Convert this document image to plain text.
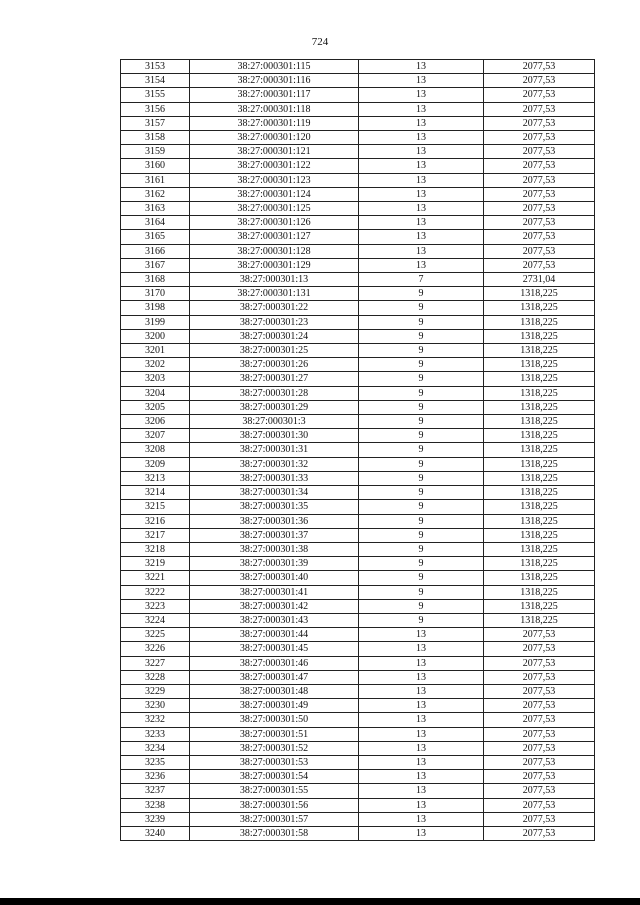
724
3153	38:27:000301:115	13	2077,53
3154	38:27:000301:116	13	2077,53
3155	38:27:000301:117	13	2077,53
3156	38:27:000301:118	13	2077,53
3157	38:27:000301:119	13	2077,53
3158	38:27:000301:120	13	2077,53
3159	38:27:000301:121	13	2077,53
3160	38:27:000301:122	13	2077,53
3161	38:27:000301:123	13	2077,53
3162	38:27:000301:124	13	2077,53
3163	38:27:000301:125	13	2077,53
3164	38:27:000301:126	13	2077,53
3165	38:27:000301:127	13	2077,53
3166	38:27:000301:128	13	2077,53
3167	38:27:000301:129	13	2077,53
3168	38:27:000301:13	7	2731,04
3170	38:27:000301:131	9	1318,225
3198	38:27:000301:22	9	1318,225
3199	38:27:000301:23	9	1318,225
3200	38:27:000301:24	9	1318,225
3201	38:27:000301:25	9	1318,225
3202	38:27:000301:26	9	1318,225
3203	38:27:000301:27	9	1318,225
3204	38:27:000301:28	9	1318,225
3205	38:27:000301:29	9	1318,225
3206	38:27:000301:3	9	1318,225
3207	38:27:000301:30	9	1318,225
3208	38:27:000301:31	9	1318,225
3209	38:27:000301:32	9	1318,225
3213	38:27:000301:33	9	1318,225
3214	38:27:000301:34	9	1318,225
3215	38:27:000301:35	9	1318,225
3216	38:27:000301:36	9	1318,225
3217	38:27:000301:37	9	1318,225
3218	38:27:000301:38	9	1318,225
3219	38:27:000301:39	9	1318,225
3221	38:27:000301:40	9	1318,225
3222	38:27:000301:41	9	1318,225
3223	38:27:000301:42	9	1318,225
3224	38:27:000301:43	9	1318,225
3225	38:27:000301:44	13	2077,53
3226	38:27:000301:45	13	2077,53
3227	38:27:000301:46	13	2077,53
3228	38:27:000301:47	13	2077,53
3229	38:27:000301:48	13	2077,53
3230	38:27:000301:49	13	2077,53
3232	38:27:000301:50	13	2077,53
3233	38:27:000301:51	13	2077,53
3234	38:27:000301:52	13	2077,53
3235	38:27:000301:53	13	2077,53
3236	38:27:000301:54	13	2077,53
3237	38:27:000301:55	13	2077,53
3238	38:27:000301:56	13	2077,53
3239	38:27:000301:57	13	2077,53
3240	38:27:000301:58	13	2077,53
